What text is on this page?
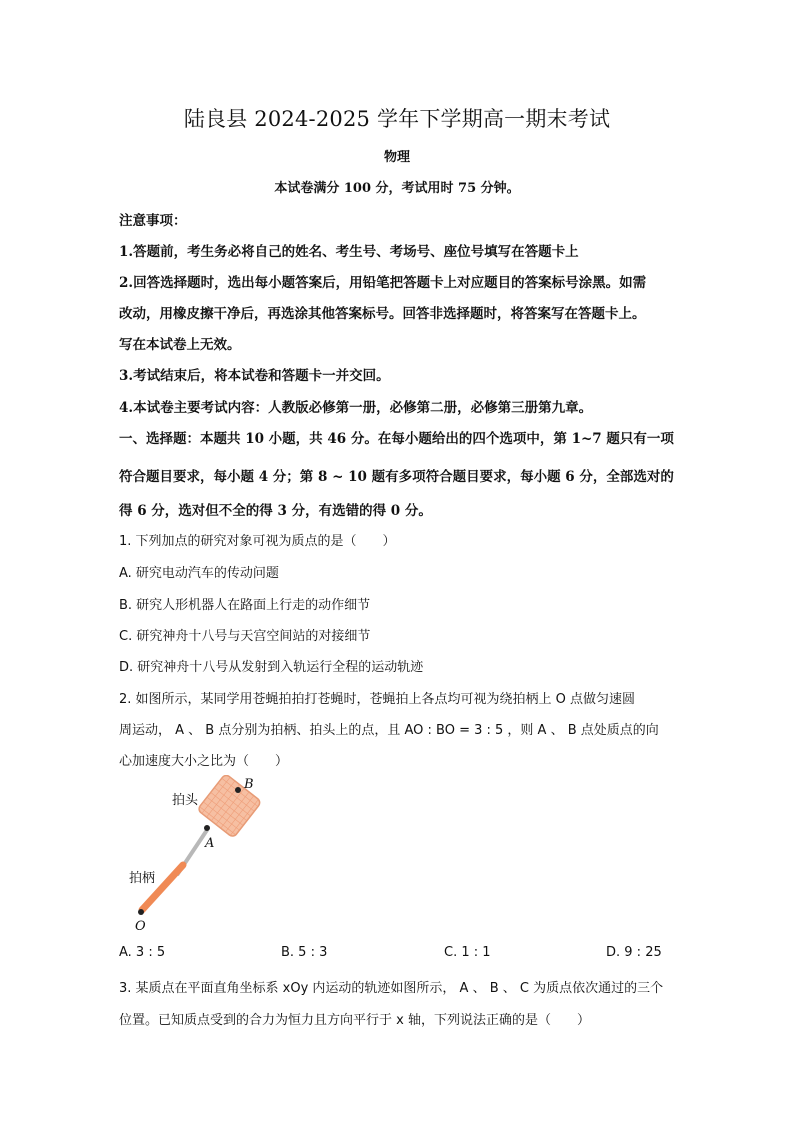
陆良县 2024-2025 学年下学期高一期末考试
物理
本试卷满分 100 分，考试用时 75 分钟。
注意事项：
1.答题前，考生务必将自己的姓名、考生号、考场号、座位号填写在答题卡上
2.回答选择题时，选出每小题答案后，用铅笔把答题卡上对应题目的答案标号涂黑。如需
改动，用橡皮擦干净后，再选涂其他答案标号。回答非选择题时，将答案写在答题卡上。
写在本试卷上无效。
3.考试结束后，将本试卷和答题卡一并交回。
4.本试卷主要考试内容：人教版必修第一册，必修第二册，必修第三册第九章。
一、选择题：本题共 10 小题，共 46 分。在每小题给出的四个选项中，第 1~7 题只有一项
符合题目要求，每小题 4 分；第 8 ~ 10 题有多项符合题目要求，每小题 6 分，全部选对的
得 6 分，选对但不全的得 3 分，有选错的得 0 分。
1. 下列加点的研究对象可视为质点的是（　　）
A. 研究电动汽车的传动问题
B. 研究人形机器人在路面上行走的动作细节
C. 研究神舟十八号与天宫空间站的对接细节
D. 研究神舟十八号从发射到入轨运行全程的运动轨迹
2. 如图所示，某同学用苍蝇拍拍打苍蝇时，苍蝇拍上各点均可视为绕拍柄上 O 点做匀速圆
周运动， A 、 B 点分别为拍柄、拍头上的点，且 AO : BO = 3 : 5 ，则 A 、 B 点处质点的向
心加速度大小之比为（　　）
拍头
拍柄
B
A
O
A. 3 : 5	B. 5 : 3	C. 1 : 1	D. 9 : 25
3. 某质点在平面直角坐标系 xOy 内运动的轨迹如图所示， A 、 B 、 C 为质点依次通过的三个
位置。已知质点受到的合力为恒力且方向平行于 x 轴，下列说法正确的是（　　）
